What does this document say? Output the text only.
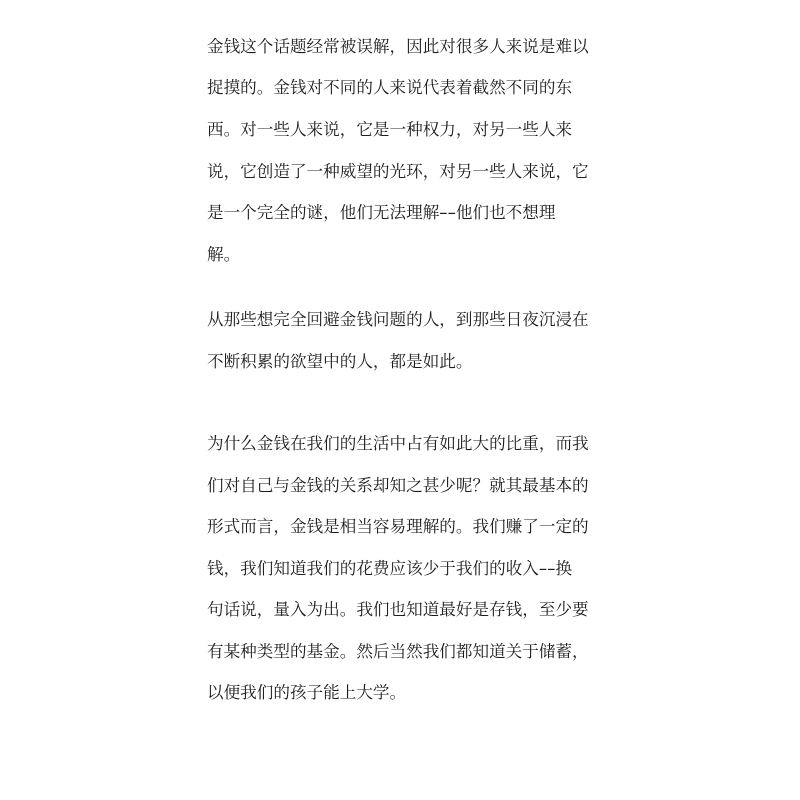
金钱这个话题经常被误解，因此对很多人来说是难以
捉摸的。金钱对不同的人来说代表着截然不同的东
西。对一些人来说，它是一种权力，对另一些人来
说，它创造了一种威望的光环，对另一些人来说，它
是一个完全的谜，他们无法理解––他们也不想理
解。
从那些想完全回避金钱问题的人，到那些日夜沉浸在
不断积累的欲望中的人，都是如此。
为什么金钱在我们的生活中占有如此大的比重，而我
们对自己与金钱的关系却知之甚少呢？就其最基本的
形式而言，金钱是相当容易理解的。我们赚了一定的
钱，我们知道我们的花费应该少于我们的收入––换
句话说，量入为出。我们也知道最好是存钱，至少要
有某种类型的基金。然后当然我们都知道关于储蓄，
以便我们的孩子能上大学。
